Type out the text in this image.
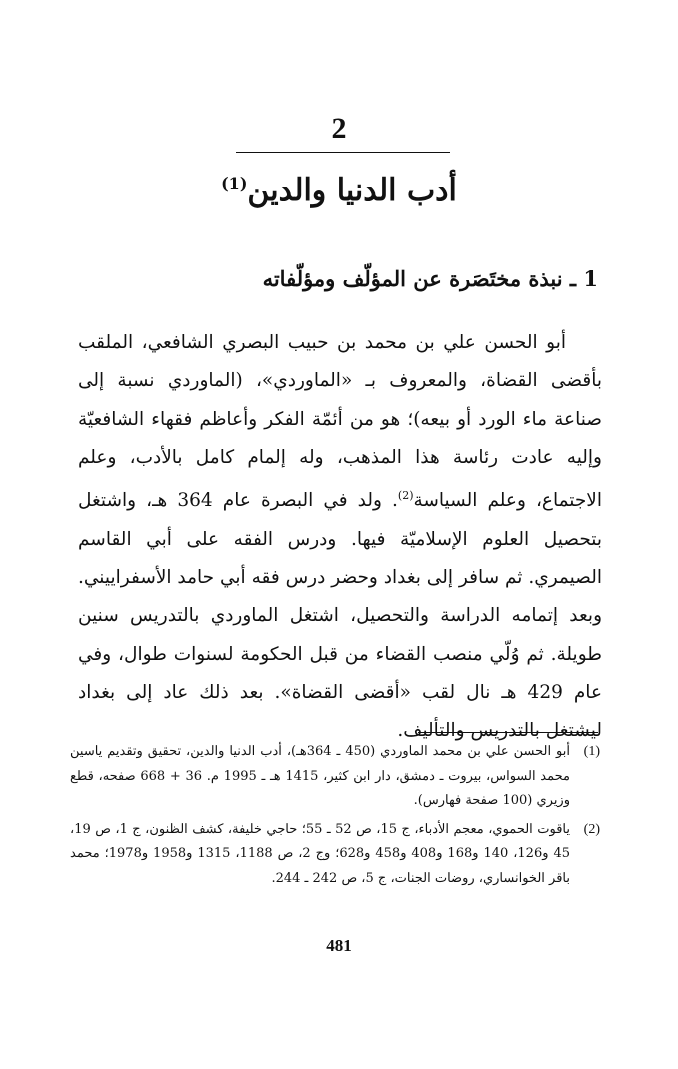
2
أدب الدنيا والدين$^{(1)}$
1 ـ نبذة مختَصَرة عن المؤلّف ومؤلّفاته

أبو الحسن علي بن محمد بن حبيب البصري الشافعي، الملقب بأقضى القضاة، والمعروف بـ «الماوردي»، (الماوردي نسبة إلى صناعة ماء الورد أو بيعه)؛ هو من أئمّة الفكر وأعاظم فقهاء الشافعيّة وإليه عادت رئاسة هذا المذهب، وله إلمام كامل بالأدب، وعلم الاجتماع، وعلم السياسة$^{(2)}$. ولد في البصرة عام 364 هـ، واشتغل بتحصيل العلوم الإسلاميّة فيها. ودرس الفقه على أبي القاسم الصيمري. ثم سافر إلى بغداد وحضر درس فقه أبي حامد الأسفراييني. وبعد إتمامه الدراسة والتحصيل، اشتغل الماوردي بالتدريس سنين طويلة. ثم وُلّي منصب القضاء من قبل الحكومة لسنوات طوال، وفي عام 429 هـ نال لقب «أقضى القضاة». بعد ذلك عاد إلى بغداد ليشتغل بالتدريس والتأليف.

(1)
أبو الحسن علي بن محمد الماوردي (450 ـ 364هـ)، أدب الدنيا والدين، تحقيق وتقديم ياسين محمد السواس، بيروت ـ دمشق، دار ابن كثير، 1415 هـ ـ 1995 م. 36 + 668 صفحه، قطع وزيري (100 صفحة فهارس).
(2)
ياقوت الحموي، معجم الأدباء، ج 15، ص 52 ـ 55؛ حاجي خليفة، كشف الظنون، ج 1، ص 19، 45 و126، 140 و168 و408 و458 و628؛ وج 2، ص 1188، 1315 و1958 و1978؛ محمد باقر الخوانساري، روضات الجنات، ج 5، ص 242 ـ 244.
481
